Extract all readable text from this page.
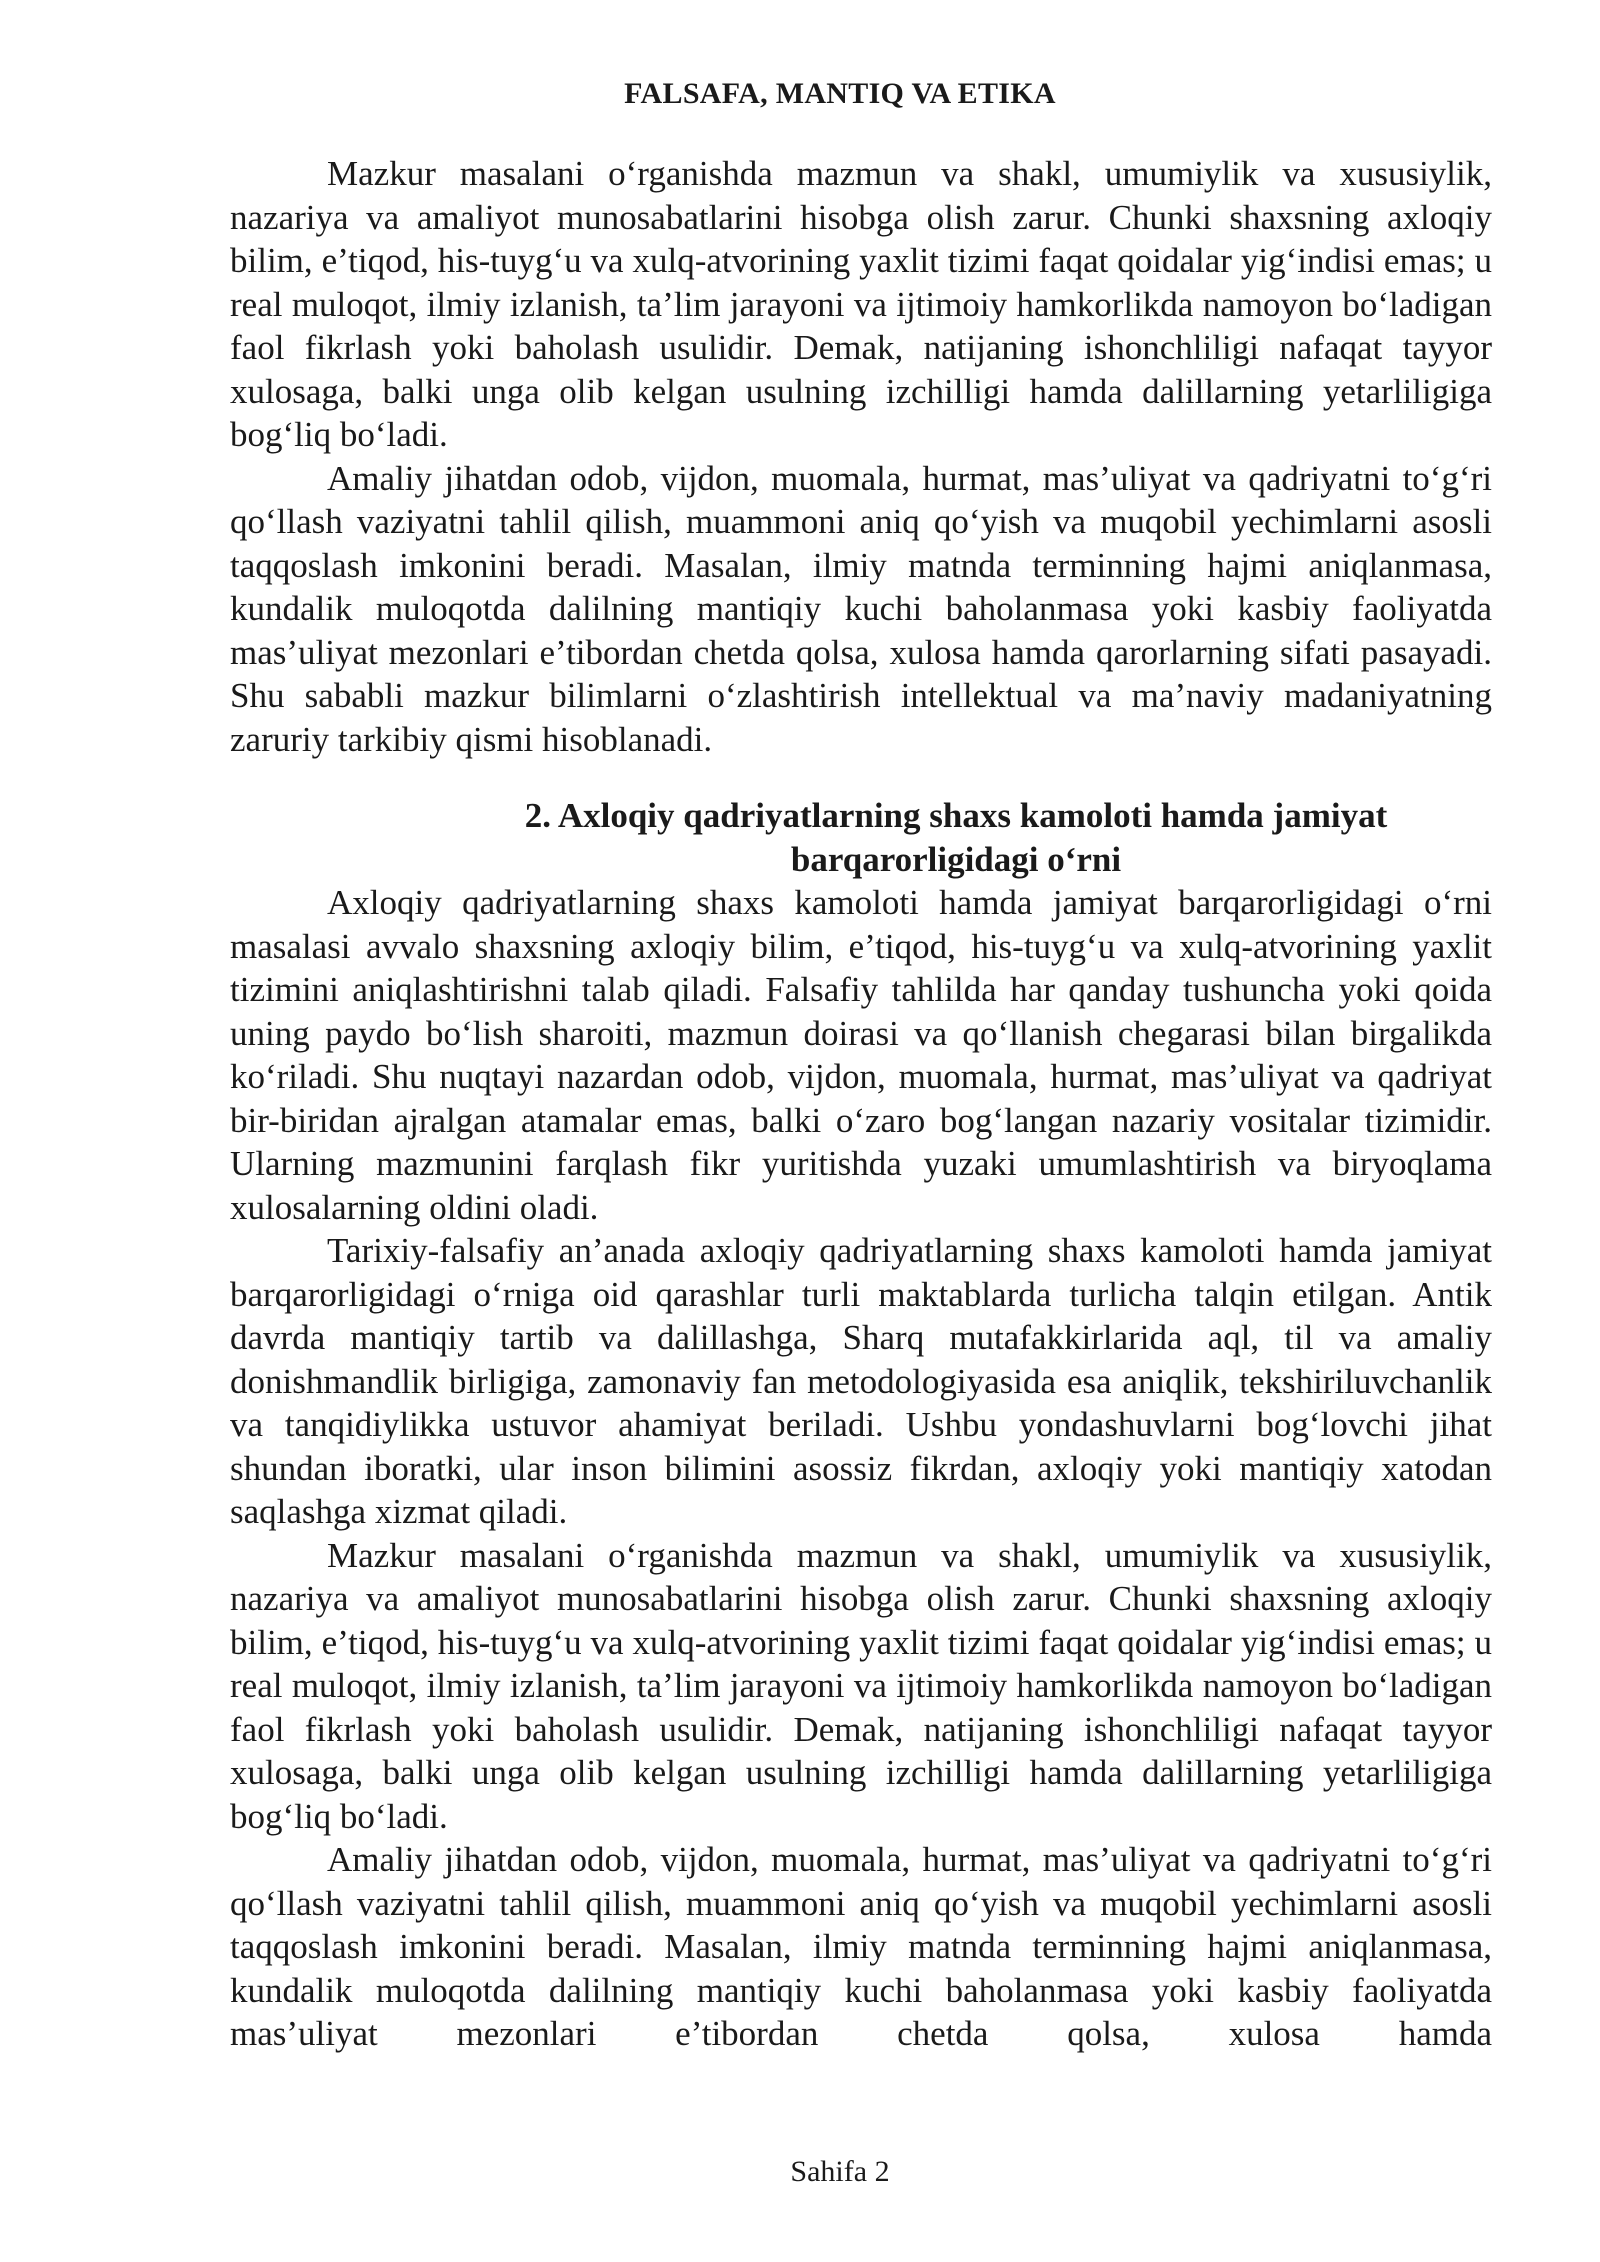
FALSAFA, MANTIQ VA ETIKA

Mazkur masalani o‘rganishda mazmun va shakl, umumiylik va xususiylik, nazariya va amaliyot munosabatlarini hisobga olish zarur. Chunki shaxsning axloqiy bilim, e’tiqod, his-tuyg‘u va xulq-atvorining yaxlit tizimi faqat qoidalar yig‘indisi emas; u real muloqot, ilmiy izlanish, ta’lim jarayoni va ijtimoiy hamkorlikda namoyon bo‘ladigan faol fikrlash yoki baholash usulidir. Demak, natijaning ishonchliligi nafaqat tayyor xulosaga, balki unga olib kelgan usulning izchilligi hamda dalillarning yetarliligiga bog‘liq bo‘ladi.

Amaliy jihatdan odob, vijdon, muomala, hurmat, mas’uliyat va qadriyatni to‘g‘ri qo‘llash vaziyatni tahlil qilish, muammoni aniq qo‘yish va muqobil yechimlarni asosli taqqoslash imkonini beradi. Masalan, ilmiy matnda terminning hajmi aniqlanmasa, kundalik muloqotda dalilning mantiqiy kuchi baholanmasa yoki kasbiy faoliyatda mas’uliyat mezonlari e’tibordan chetda qolsa, xulosa hamda qarorlarning sifati pasayadi. Shu sababli mazkur bilimlarni o‘zlashtirish intellektual va ma’naviy madaniyatning zaruriy tarkibiy qismi hisoblanadi.

2. Axloqiy qadriyatlarning shaxs kamoloti hamda jamiyat
barqarorligidagi o‘rni

Axloqiy qadriyatlarning shaxs kamoloti hamda jamiyat barqarorligidagi o‘rni masalasi avvalo shaxsning axloqiy bilim, e’tiqod, his-tuyg‘u va xulq-atvorining yaxlit tizimini aniqlashtirishni talab qiladi. Falsafiy tahlilda har qanday tushuncha yoki qoida uning paydo bo‘lish sharoiti, mazmun doirasi va qo‘llanish chegarasi bilan birgalikda ko‘riladi. Shu nuqtayi nazardan odob, vijdon, muomala, hurmat, mas’uliyat va qadriyat bir-biridan ajralgan atamalar emas, balki o‘zaro bog‘langan nazariy vositalar tizimidir. Ularning mazmunini farqlash fikr yuritishda yuzaki umumlashtirish va biryoqlama xulosalarning oldini oladi.

Tarixiy-falsafiy an’anada axloqiy qadriyatlarning shaxs kamoloti hamda jamiyat barqarorligidagi o‘rniga oid qarashlar turli maktablarda turlicha talqin etilgan. Antik davrda mantiqiy tartib va dalillashga, Sharq mutafakkirlarida aql, til va amaliy donishmandlik birligiga, zamonaviy fan metodologiyasida esa aniqlik, tekshiriluvchanlik va tanqidiylikka ustuvor ahamiyat beriladi. Ushbu yondashuvlarni bog‘lovchi jihat shundan iboratki, ular inson bilimini asossiz fikrdan, axloqiy yoki mantiqiy xatodan saqlashga xizmat qiladi.

Mazkur masalani o‘rganishda mazmun va shakl, umumiylik va xususiylik, nazariya va amaliyot munosabatlarini hisobga olish zarur. Chunki shaxsning axloqiy bilim, e’tiqod, his-tuyg‘u va xulq-atvorining yaxlit tizimi faqat qoidalar yig‘indisi emas; u real muloqot, ilmiy izlanish, ta’lim jarayoni va ijtimoiy hamkorlikda namoyon bo‘ladigan faol fikrlash yoki baholash usulidir. Demak, natijaning ishonchliligi nafaqat tayyor xulosaga, balki unga olib kelgan usulning izchilligi hamda dalillarning yetarliligiga bog‘liq bo‘ladi.

Amaliy jihatdan odob, vijdon, muomala, hurmat, mas’uliyat va qadriyatni to‘g‘ri qo‘llash vaziyatni tahlil qilish, muammoni aniq qo‘yish va muqobil yechimlarni asosli taqqoslash imkonini beradi. Masalan, ilmiy matnda terminning hajmi aniqlanmasa, kundalik muloqotda dalilning mantiqiy kuchi baholanmasa yoki kasbiy faoliyatda mas’uliyat mezonlari e’tibordan chetda qolsa, xulosa hamda

Sahifa 2
